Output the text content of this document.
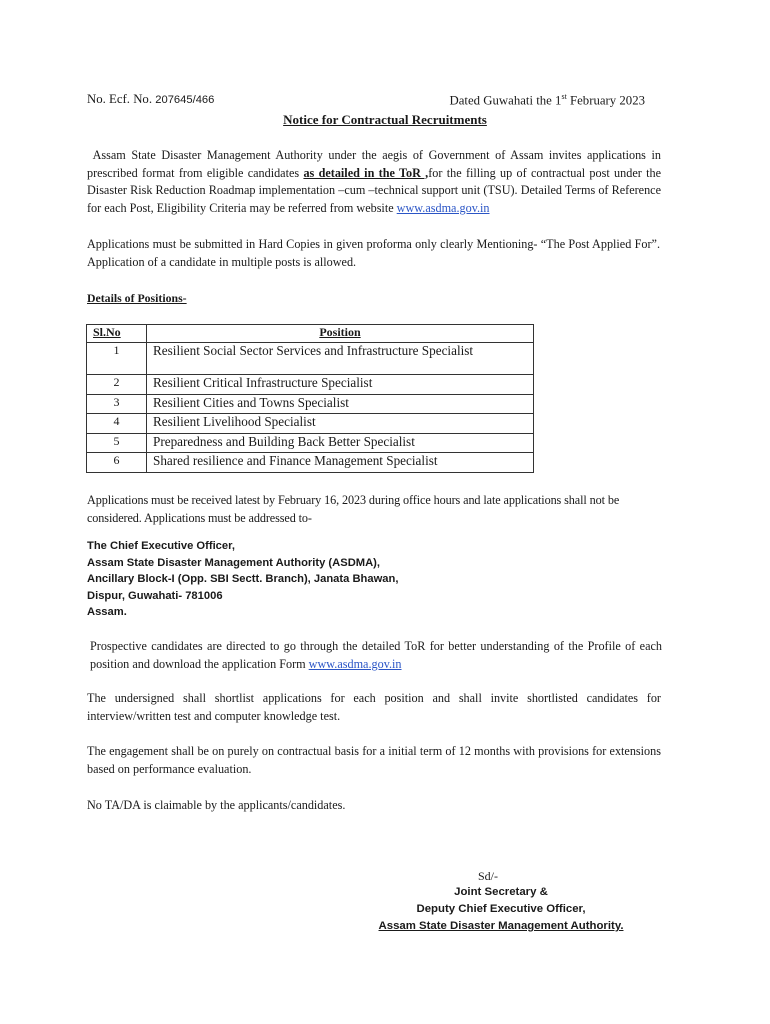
No. Ecf. No. 207645/466	Dated Guwahati the 1st February 2023
Notice for Contractual Recruitments
Assam State Disaster Management Authority under the aegis of Government of Assam invites applications in prescribed format from eligible candidates as detailed in the ToR ,for the filling up of contractual post under the Disaster Risk Reduction Roadmap implementation –cum –technical support unit (TSU). Detailed Terms of Reference for each Post, Eligibility Criteria may be referred from website www.asdma.gov.in
Applications must be submitted in Hard Copies in given proforma only clearly Mentioning- “The Post Applied For”. Application of a candidate in multiple posts is allowed.
Details of Positions-
Sl.No	Position
1	Resilient Social Sector Services and Infrastructure Specialist
2	Resilient Critical Infrastructure Specialist
3	Resilient Cities and Towns Specialist
4	Resilient Livelihood Specialist
5	Preparedness and Building Back Better Specialist
6	Shared resilience and Finance Management Specialist
Applications must be received latest by February 16, 2023 during office hours and late applications shall not be considered. Applications must be addressed to-
The Chief Executive Officer,
Assam State Disaster Management Authority (ASDMA),
Ancillary Block-I (Opp. SBI Sectt. Branch), Janata Bhawan,
Dispur, Guwahati- 781006
Assam.
Prospective candidates are directed to go through the detailed ToR for better understanding of the Profile of each position and download the application Form www.asdma.gov.in
The undersigned shall shortlist applications for each position and shall invite shortlisted candidates for interview/written test and computer knowledge test.
The engagement shall be on purely on contractual basis for a initial term of 12 months with provisions for extensions based on performance evaluation.
No TA/DA is claimable by the applicants/candidates.
Sd/-
Joint Secretary &
Deputy Chief Executive Officer,
Assam State Disaster Management Authority.
